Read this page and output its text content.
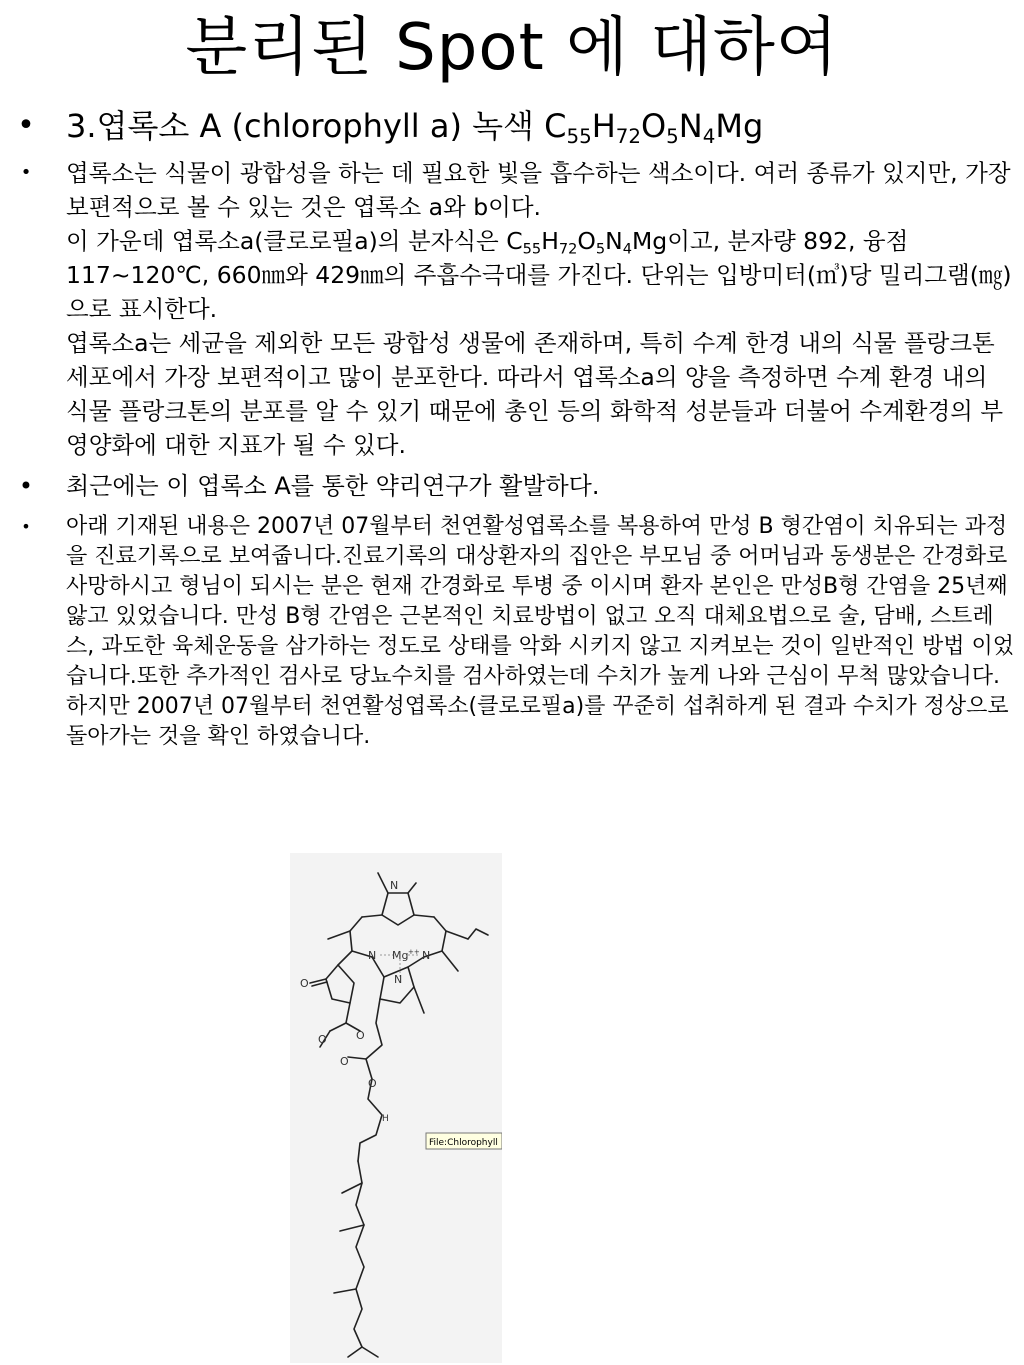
분리된 Spot 에 대하여
• 3.엽록소 A (chlorophyll a) 녹색 $C_{55}H_{72}O_5N_4Mg$
• 엽록소는 식물이 광합성을 하는 데 필요한 빛을 흡수하는 색소이다. 여러 종류가 있지만, 가장 보편적으로 볼 수 있는 것은 엽록소 a와 b이다.

이 가운데 엽록소a(클로로필a)의 분자식은 $C_{55}H_{72}O_5N_4Mg$이고, 분자량 892, 융점 117~120℃, 660㎚와 429㎚의 주흡수극대를 가진다. 단위는 입방미터(㎥)당 밀리그램(㎎)으로 표시한다.

엽록소a는 세균을 제외한 모든 광합성 생물에 존재하며, 특히 수계 한경 내의 식물 플랑크톤 세포에서 가장 보편적이고 많이 분포한다. 따라서 엽록소a의 양을 측정하면 수계 환경 내의 식물 플랑크톤의 분포를 알 수 있기 때문에 총인 등의 화학적 성분들과 더불어 수계환경의 부영양화에 대한 지표가 될 수 있다.

• 최근에는 이 엽록소 A를 통한 약리연구가 활발하다.
•	아래 기재된 내용은 2007년 07월부터 천연활성엽록소를 복용하여 만성 B 형간염이 치유되는 과정을 진료기록으로 보여줍니다.진료기록의 대상환자의 집안은 부모님 중 어머님과 동생분은 간경화로 사망하시고 형님이 되시는 분은 현재 간경화로 투병 중 이시며 환자 본인은 만성B형 간염을 25년째 앓고 있었습니다. 만성 B형 간염은 근본적인 치료방법이 없고 오직 대체요법으로 술, 담배, 스트레스, 과도한 육체운동을 삼가하는 정도로 상태를 악화 시키지 않고 지켜보는 것이 일반적인 방법 이었습니다.또한 추가적인 검사로 당뇨수치를 검사하였는데 수치가 높게 나와 근심이 무척 많았습니다.하지만 2007년 07월부터 천연활성엽록소(클로로필a)를 꾸준히 섭취하게 된 결과 수치가 정상으로 돌아가는 것을 확인 하였습니다.
N
N Mg ++ N
N
O
O	O
O
O
H
File:Chlorophyll
